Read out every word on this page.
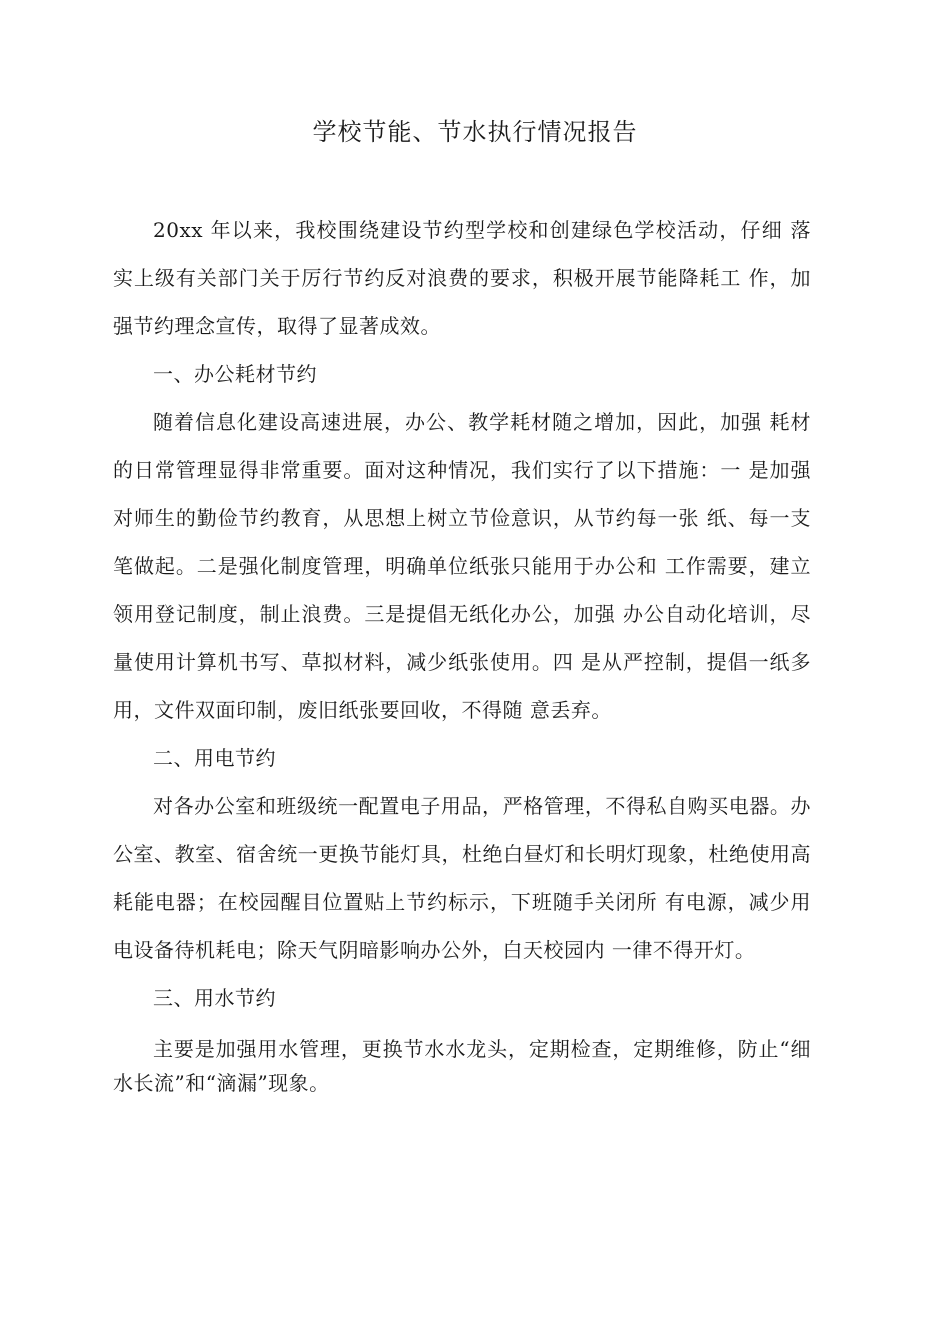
学校节能、节水执行情况报告

20xx 年以来，我校围绕建设节约型学校和创建绿色学校活动，仔细 落实上级有关部门关于厉行节约反对浪费的要求，积极开展节能降耗工 作，加强节约理念宣传，取得了显著成效。

一、办公耗材节约

随着信息化建设高速进展，办公、教学耗材随之增加，因此，加强 耗材的日常管理显得非常重要。面对这种情况，我们实行了以下措施：一 是加强对师生的勤俭节约教育，从思想上树立节俭意识，从节约每一张 纸、每一支笔做起。二是强化制度管理，明确单位纸张只能用于办公和 工作需要，建立领用登记制度，制止浪费。三是提倡无纸化办公，加强 办公自动化培训，尽量使用计算机书写、草拟材料，减少纸张使用。四 是从严控制，提倡一纸多用，文件双面印制，废旧纸张要回收，不得随 意丢弃。

二、用电节约

对各办公室和班级统一配置电子用品，严格管理，不得私自购买电器。办公室、教室、宿舍统一更换节能灯具，杜绝白昼灯和长明灯现象，杜绝使用高耗能电器；在校园醒目位置贴上节约标示，下班随手关闭所 有电源，减少用电设备待机耗电；除天气阴暗影响办公外，白天校园内 一律不得开灯。

三、用水节约

主要是加强用水管理，更换节水水龙头，定期检查，定期维修，防止“细水长流”和“滴漏”现象。
